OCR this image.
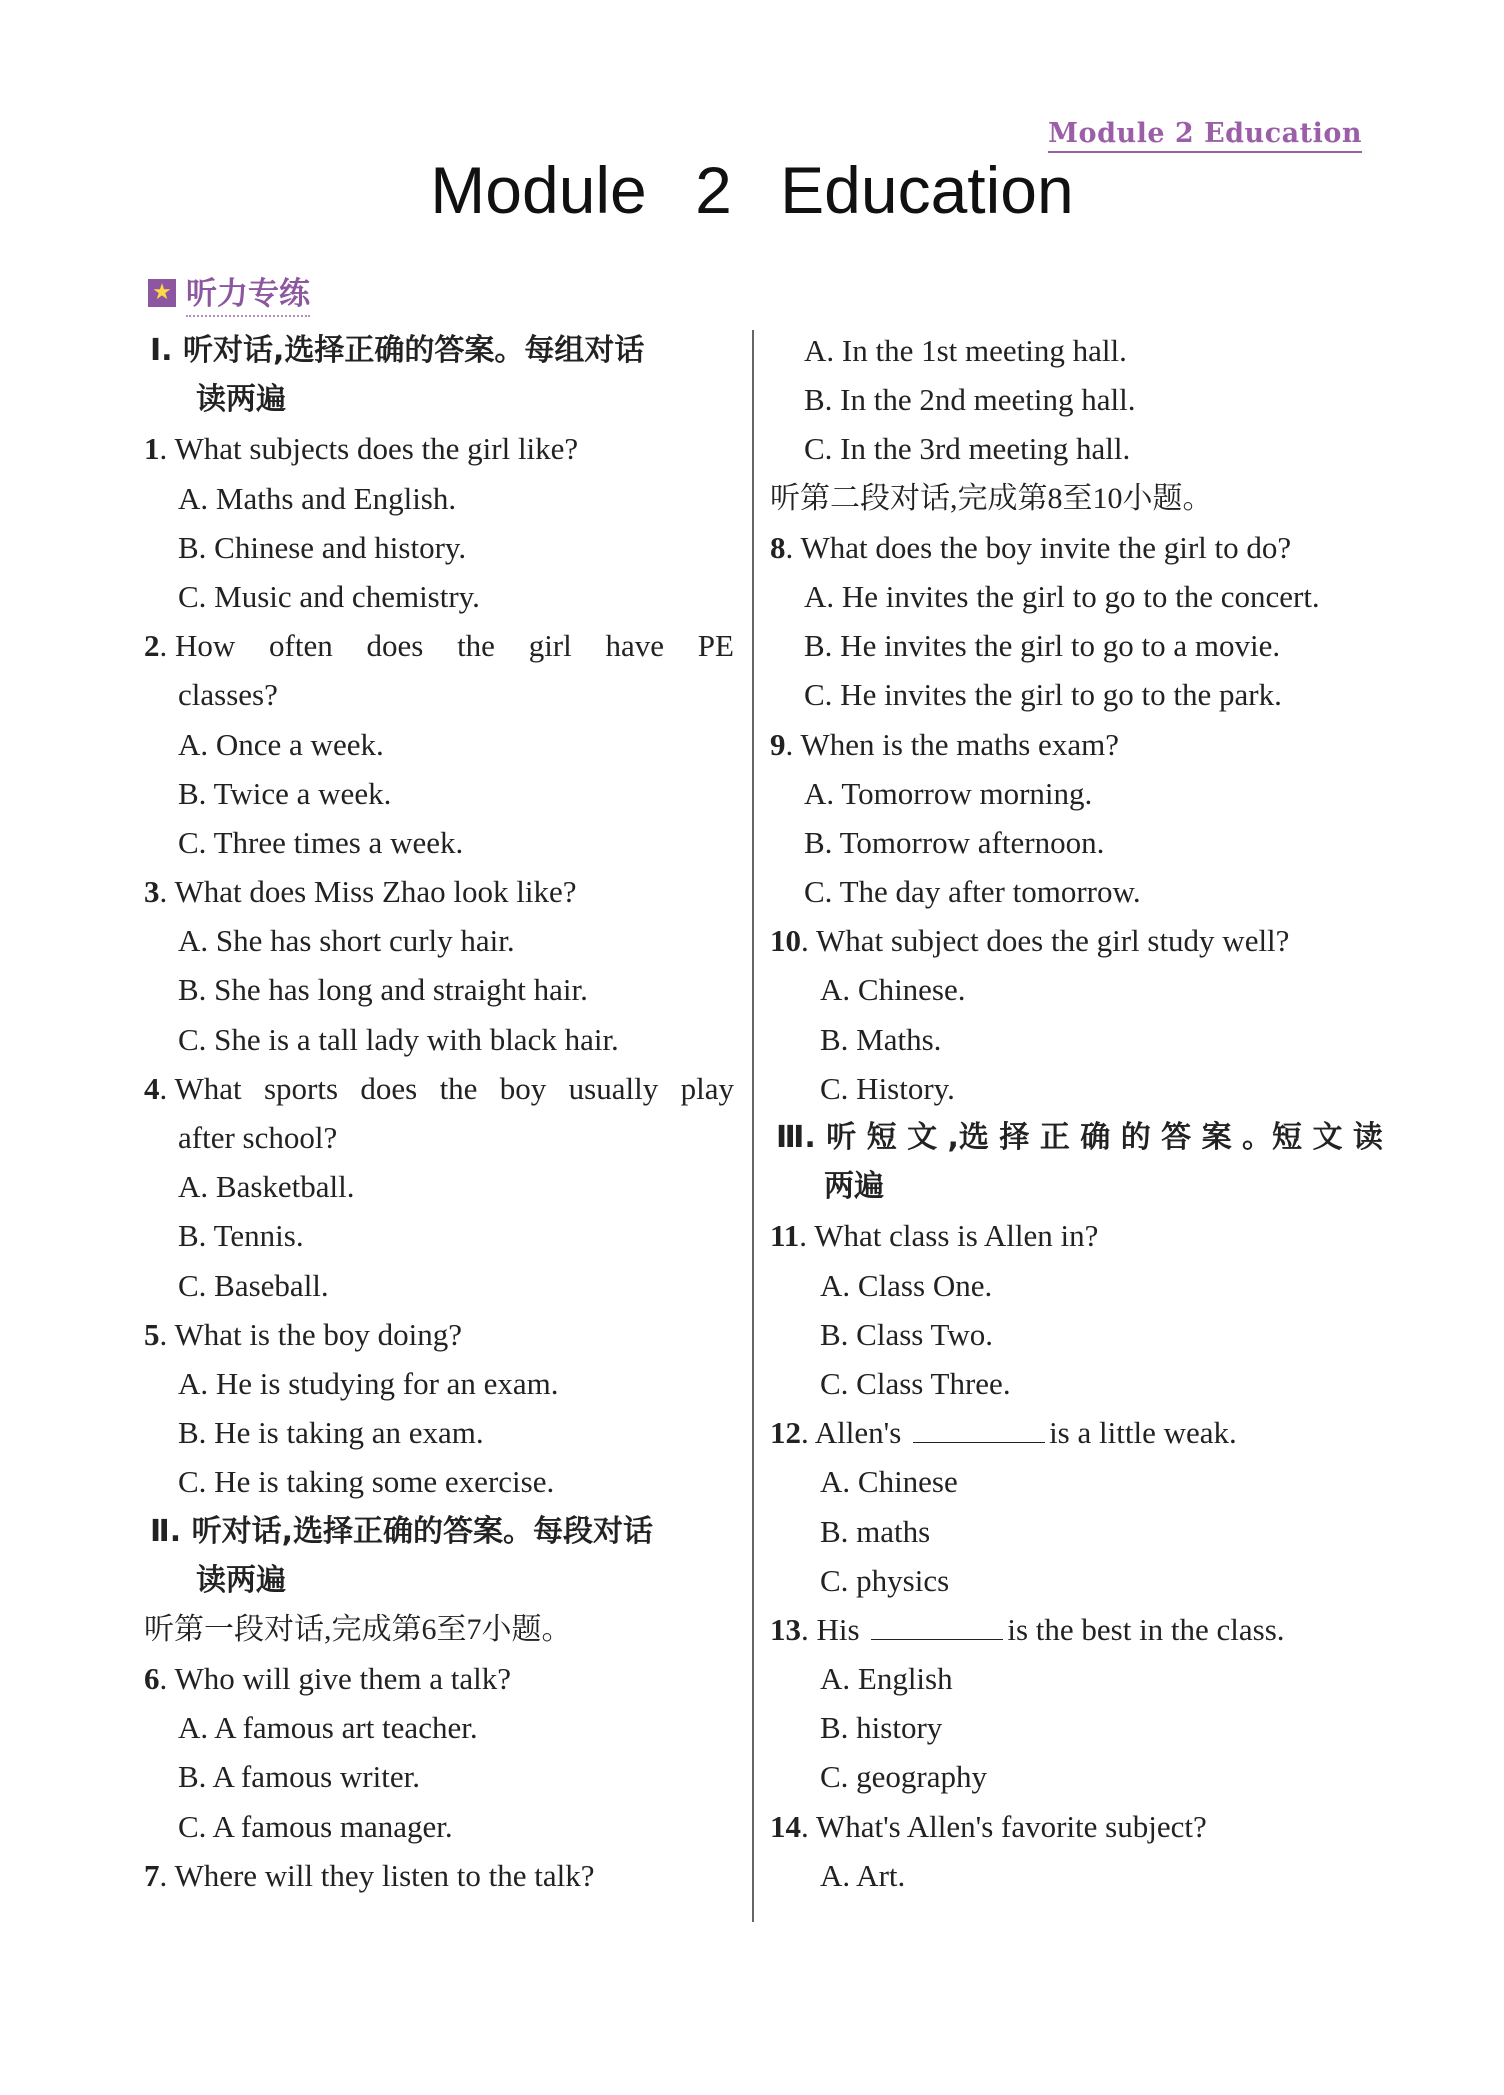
Module 2 Education
Module 2 Education
★ 听力专练
Ⅰ. 听对话,选择正确的答案。每组对话
读两遍
1. What subjects does the girl like?
A. Maths and English.
B. Chinese and history.
C. Music and chemistry.
2. How often does the girl have PE
classes?
A. Once a week.
B. Twice a week.
C. Three times a week.
3. What does Miss Zhao look like?
A. She has short curly hair.
B. She has long and straight hair.
C. She is a tall lady with black hair.
4. What sports does the boy usually play
after school?
A. Basketball.
B. Tennis.
C. Baseball.
5. What is the boy doing?
A. He is studying for an exam.
B. He is taking an exam.
C. He is taking some exercise.
Ⅱ. 听对话,选择正确的答案。每段对话
读两遍
听第一段对话,完成第6至7小题。
6. Who will give them a talk?
A. A famous art teacher.
B. A famous writer.
C. A famous manager.
7. Where will they listen to the talk?
A. In the 1st meeting hall.
B. In the 2nd meeting hall.
C. In the 3rd meeting hall.
听第二段对话,完成第8至10小题。
8. What does the boy invite the girl to do?
A. He invites the girl to go to the concert.
B. He invites the girl to go to a movie.
C. He invites the girl to go to the park.
9. When is the maths exam?
A. Tomorrow morning.
B. Tomorrow afternoon.
C. The day after tomorrow.
10. What subject does the girl study well?
A. Chinese.
B. Maths.
C. History.
Ⅲ. 听 短 文 ,选 择 正 确 的 答 案 。短 文 读
两遍
11. What class is Allen in?
A. Class One.
B. Class Two.
C. Class Three.
12. Allen's	is a little weak.
A. Chinese
B. maths
C. physics
13. His	is the best in the class.
A. English
B. history
C. geography
14. What's Allen's favorite subject?
A. Art.
